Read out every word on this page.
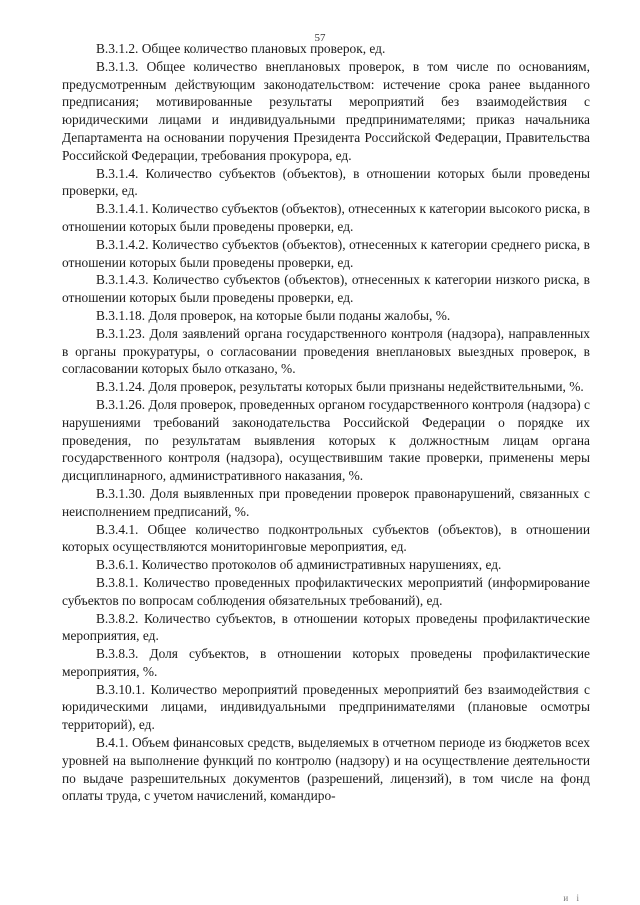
57

В.3.1.2. Общее количество плановых проверок, ед.

В.3.1.3. Общее количество внеплановых проверок, в том числе по основаниям, предусмотренным действующим законодательством: истечение срока ранее выданного предписания; мотивированные результаты мероприятий без взаимодействия с юридическими лицами и индивидуальными предпринимателями; приказ начальника Департамента на основании поручения Президента Российской Федерации, Правительства Российской Федерации, требования прокурора, ед.

В.3.1.4. Количество субъектов (объектов), в отношении которых были проведены проверки, ед.

В.3.1.4.1. Количество субъектов (объектов), отнесенных к категории высокого риска, в отношении которых были проведены проверки, ед.

В.3.1.4.2. Количество субъектов (объектов), отнесенных к категории среднего риска, в отношении которых были проведены проверки, ед.

В.3.1.4.3. Количество субъектов (объектов), отнесенных к категории низкого риска, в отношении которых были проведены проверки, ед.

В.3.1.18. Доля проверок, на которые были поданы жалобы, %.

В.3.1.23. Доля заявлений органа государственного контроля (надзора), направленных в органы прокуратуры, о согласовании проведения внеплановых выездных проверок, в согласовании которых было отказано, %.

В.3.1.24. Доля проверок, результаты которых были признаны недействительными, %.

В.3.1.26. Доля проверок, проведенных органом государственного контроля (надзора) с нарушениями требований законодательства Российской Федерации о порядке их проведения, по результатам выявления которых к должностным лицам органа государственного контроля (надзора), осуществившим такие проверки, применены меры дисциплинарного, административного наказания, %.

В.3.1.30. Доля выявленных при проведении проверок правонарушений, связанных с неисполнением предписаний, %.

В.3.4.1. Общее количество подконтрольных субъектов (объектов), в отношении которых осуществляются мониторинговые мероприятия, ед.

В.3.6.1. Количество протоколов об административных нарушениях, ед.

В.3.8.1. Количество проведенных профилактических мероприятий (информирование субъектов по вопросам соблюдения обязательных требований), ед.

В.3.8.2. Количество субъектов, в отношении которых проведены профилактические мероприятия, ед.

В.3.8.3. Доля субъектов, в отношении которых проведены профилактические мероприятия, %.

В.3.10.1. Количество мероприятий проведенных мероприятий без взаимодействия с юридическими лицами, индивидуальными предпринимателями (плановые осмотры территорий), ед.

В.4.1. Объем финансовых средств, выделяемых в отчетном периоде из бюджетов всех уровней на выполнение функций по контролю (надзору) и на осуществление деятельности по выдаче разрешительных документов (разрешений, лицензий), в том числе на фонд оплаты труда, с учетом начислений, командиро-

и і
